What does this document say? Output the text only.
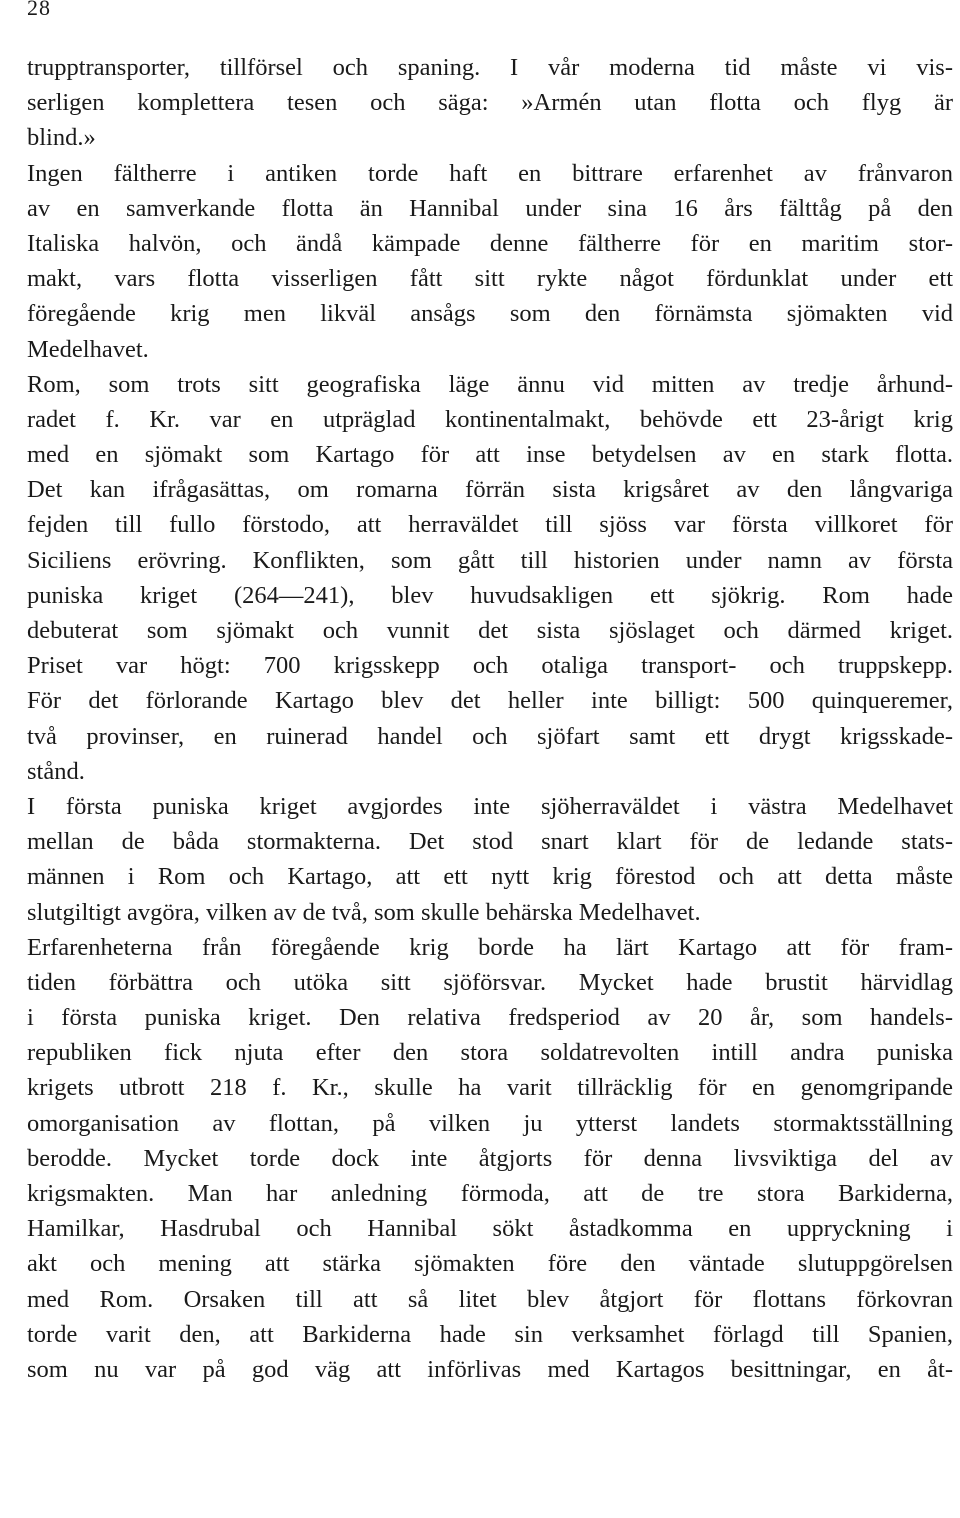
28
trupptransporter, tillförsel och spaning. I vår moderna tid måste vi vis-
serligen komplettera tesen och säga: »Armén utan flotta och flyg är
blind.»
Ingen fältherre i antiken torde haft en bittrare erfarenhet av frånvaron
av en samverkande flotta än Hannibal under sina 16 års fälttåg på den
Italiska halvön, och ändå kämpade denne fältherre för en maritim stor-
makt, vars flotta visserligen fått sitt rykte något fördunklat under ett
föregående krig men likväl ansågs som den förnämsta sjömakten vid
Medelhavet.
Rom, som trots sitt geografiska läge ännu vid mitten av tredje århund-
radet f. Kr. var en utpräglad kontinentalmakt, behövde ett 23-årigt krig
med en sjömakt som Kartago för att inse betydelsen av en stark flotta.
Det kan ifrågasättas, om romarna förrän sista krigsåret av den långvariga
fejden till fullo förstodo, att herraväldet till sjöss var första villkoret för
Siciliens erövring. Konflikten, som gått till historien under namn av första
puniska kriget (264—241), blev huvudsakligen ett sjökrig. Rom hade
debuterat som sjömakt och vunnit det sista sjöslaget och därmed kriget.
Priset var högt: 700 krigsskepp och otaliga transport- och truppskepp.
För det förlorande Kartago blev det heller inte billigt: 500 quinqueremer,
två provinser, en ruinerad handel och sjöfart samt ett drygt krigsskade-
stånd.
I första puniska kriget avgjordes inte sjöherraväldet i västra Medelhavet
mellan de båda stormakterna. Det stod snart klart för de ledande stats-
männen i Rom och Kartago, att ett nytt krig förestod och att detta måste
slutgiltigt avgöra, vilken av de två, som skulle behärska Medelhavet.
Erfarenheterna från föregående krig borde ha lärt Kartago att för fram-
tiden förbättra och utöka sitt sjöförsvar. Mycket hade brustit härvidlag
i första puniska kriget. Den relativa fredsperiod av 20 år, som handels-
republiken fick njuta efter den stora soldatrevolten intill andra puniska
krigets utbrott 218 f. Kr., skulle ha varit tillräcklig för en genomgripande
omorganisation av flottan, på vilken ju ytterst landets stormaktsställning
berodde. Mycket torde dock inte åtgjorts för denna livsviktiga del av
krigsmakten. Man har anledning förmoda, att de tre stora Barkiderna,
Hamilkar, Hasdrubal och Hannibal sökt åstadkomma en uppryckning i
akt och mening att stärka sjömakten före den väntade slutuppgörelsen
med Rom. Orsaken till att så litet blev åtgjort för flottans förkovran
torde varit den, att Barkiderna hade sin verksamhet förlagd till Spanien,
som nu var på god väg att införlivas med Kartagos besittningar, en åt-
